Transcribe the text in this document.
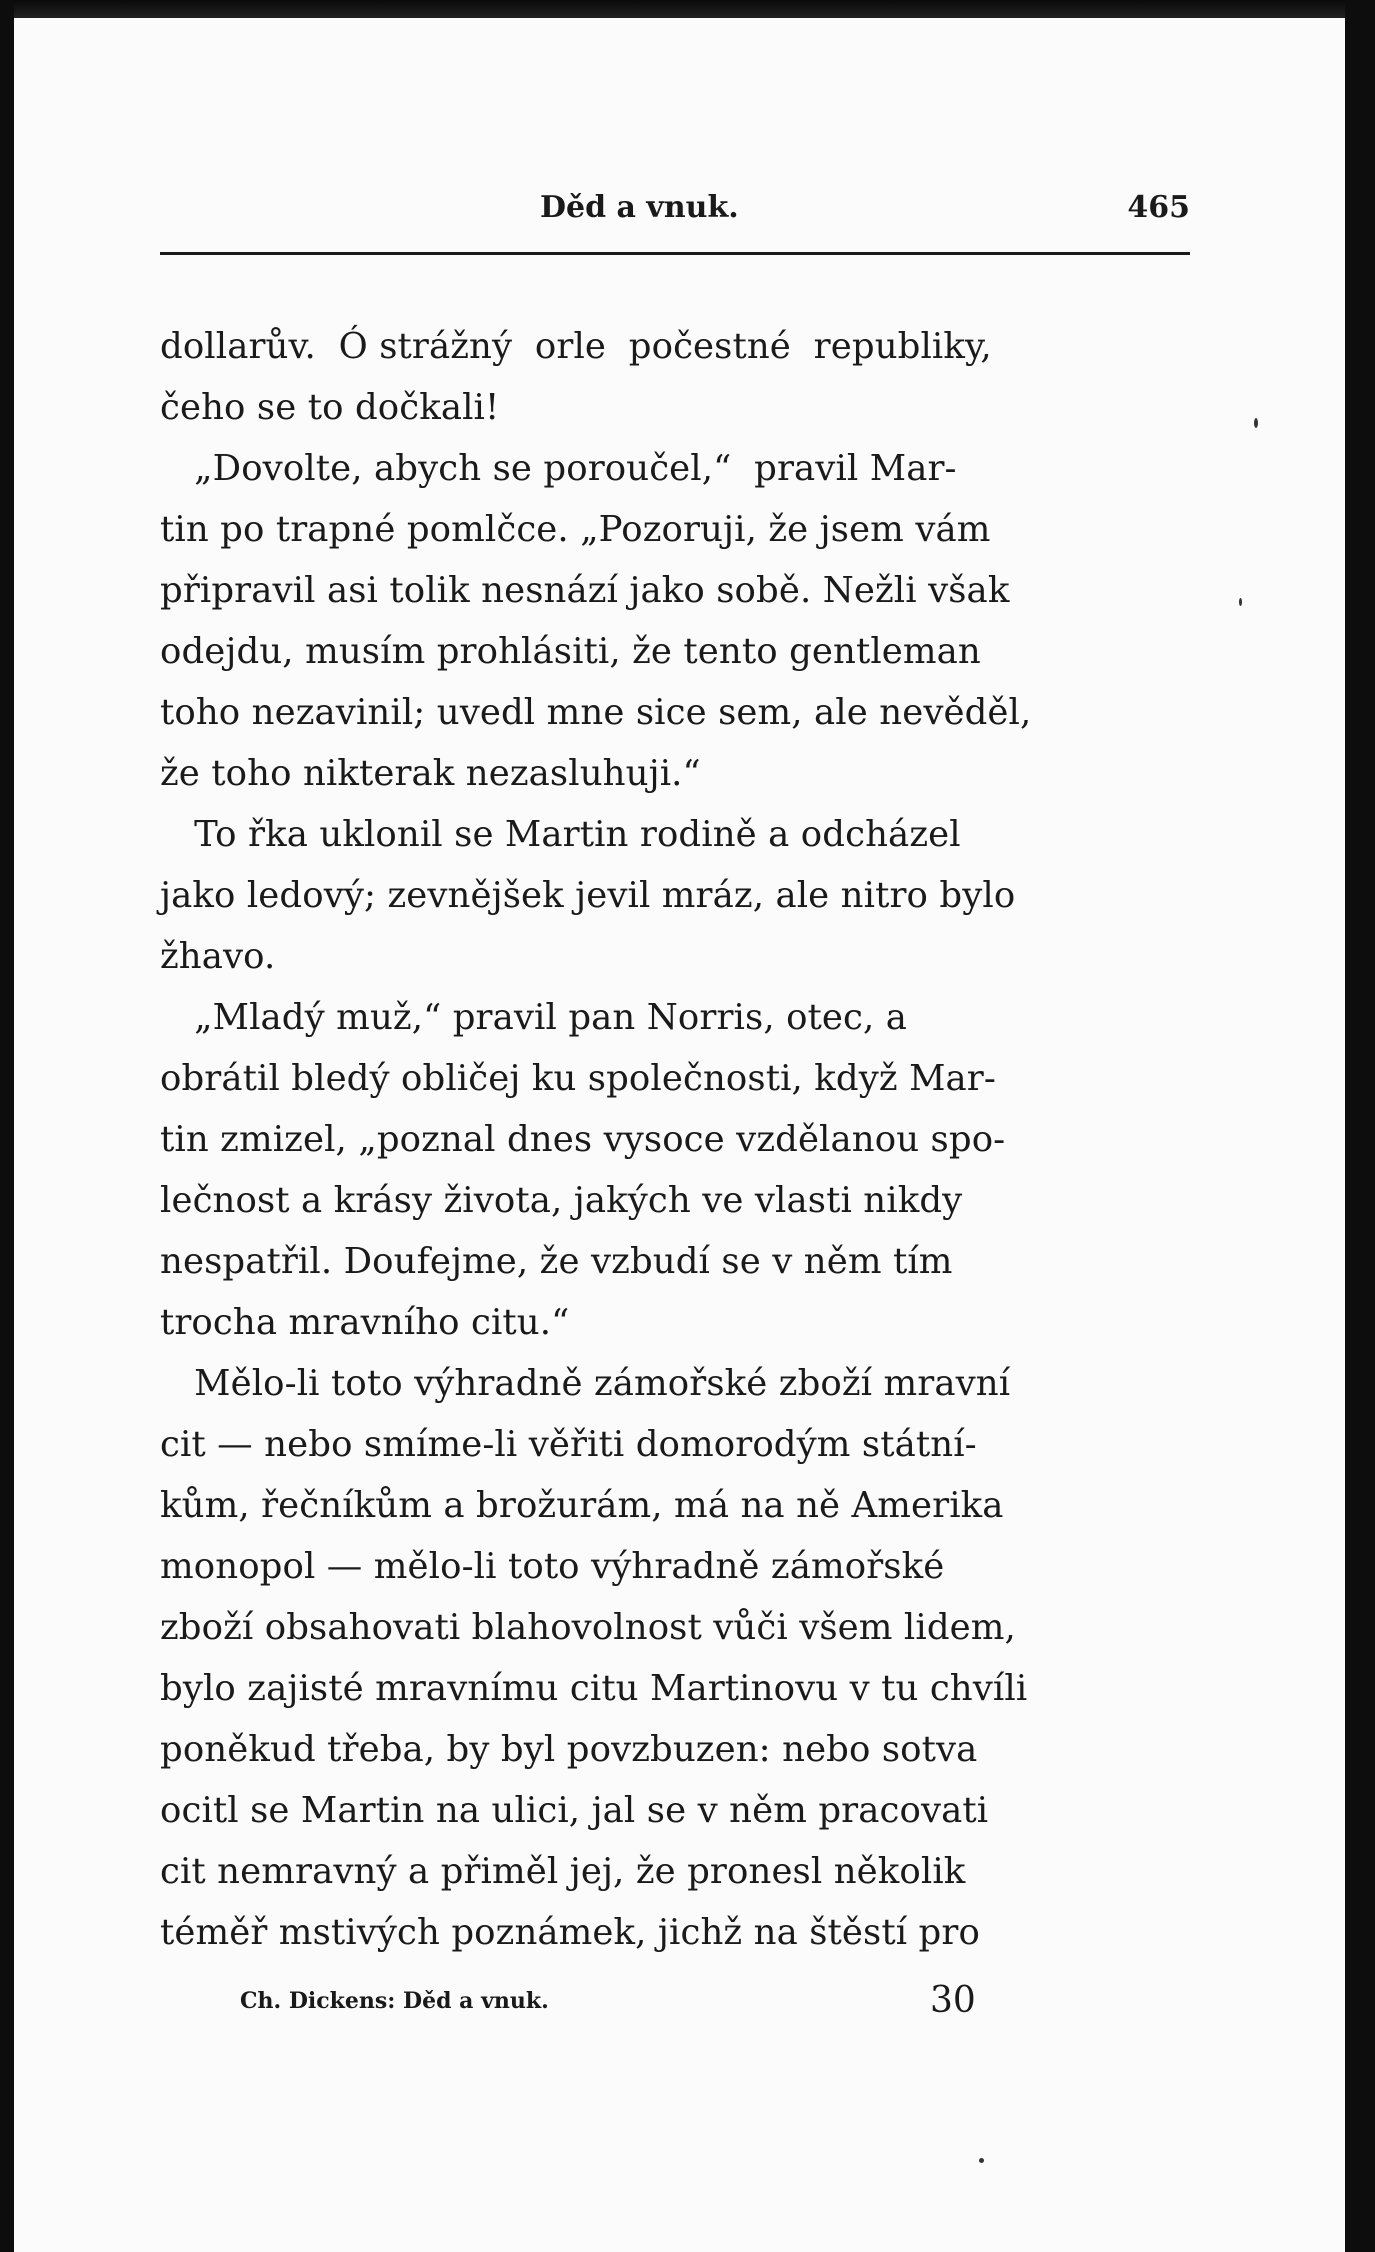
Děd a vnuk.	465
dollarův.  Ó strážný  orle  počestné  republiky,
čeho se to dočkali!
„Dovolte, abych se poroučel,“  pravil Mar-
tin po trapné pomlčce. „Pozoruji, že jsem vám
připravil asi tolik nesnází jako sobě. Nežli však
odejdu, musím prohlásiti, že tento gentleman
toho nezavinil; uvedl mne sice sem, ale nevěděl,
že toho nikterak nezasluhuji.“
To řka uklonil se Martin rodině a odcházel
jako ledový; zevnějšek jevil mráz, ale nitro bylo
žhavo.
„Mladý muž,“ pravil pan Norris, otec, a
obrátil bledý obličej ku společnosti, když Mar-
tin zmizel, „poznal dnes vysoce vzdělanou spo-
lečnost a krásy života, jakých ve vlasti nikdy
nespatřil. Doufejme, že vzbudí se v něm tím
trocha mravního citu.“
Mělo-li toto výhradně zámořské zboží mravní
cit — nebo smíme-li věřiti domorodým státní-
kům, řečníkům a brožurám, má na ně Amerika
monopol — mělo-li toto výhradně zámořské
zboží obsahovati blahovolnost vůči všem lidem,
bylo zajisté mravnímu citu Martinovu v tu chvíli
poněkud třeba, by byl povzbuzen: nebo sotva
ocitl se Martin na ulici, jal se v něm pracovati
cit nemravný a přiměl jej, že pronesl několik
téměř mstivých poznámek, jichž na štěstí pro
Ch. Dickens: Děd a vnuk.	30
